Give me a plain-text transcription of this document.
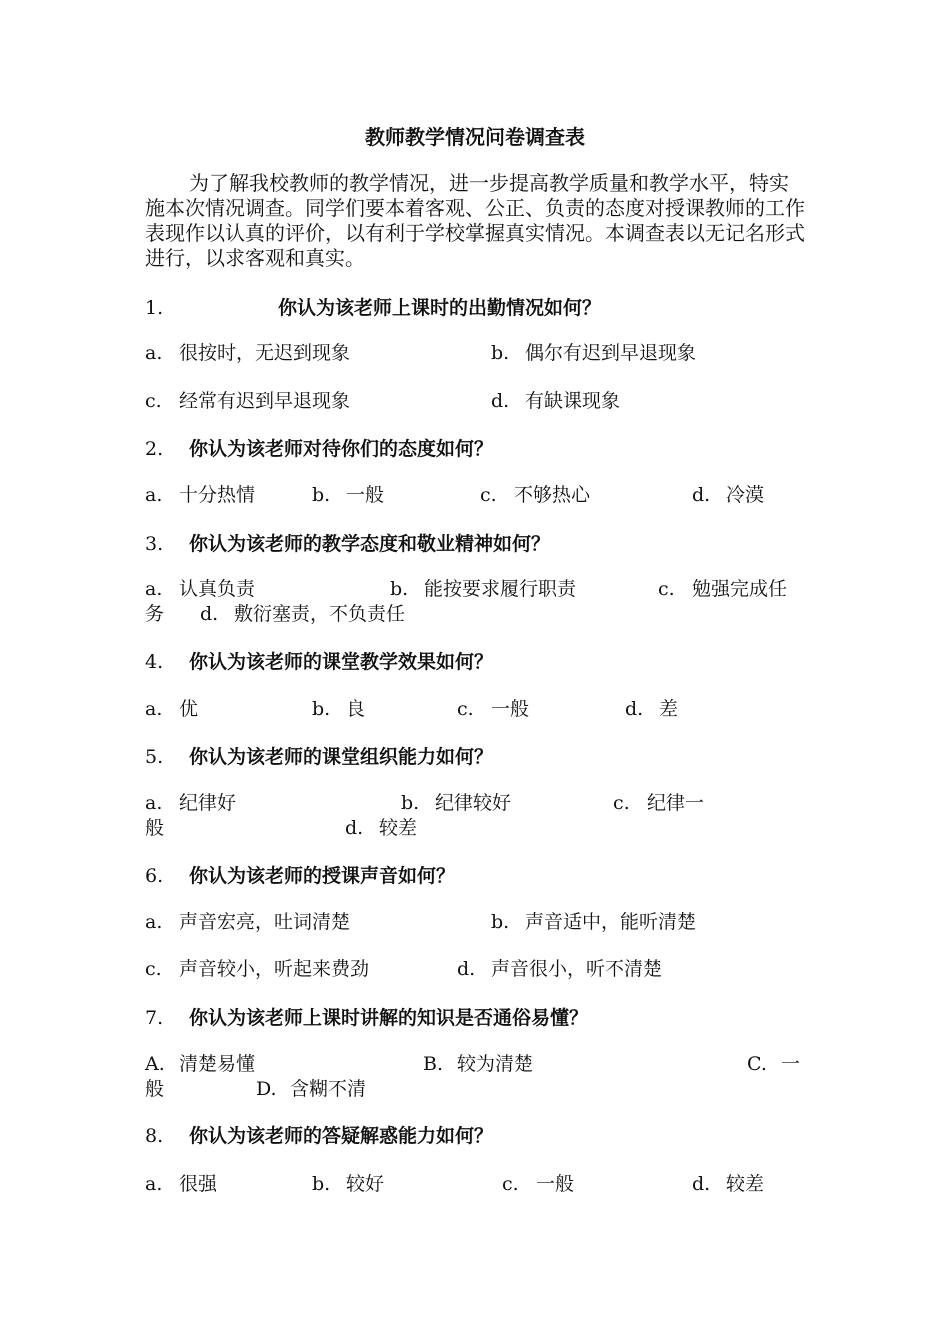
教师教学情况问卷调查表
为了解我校教师的教学情况，进一步提高教学质量和教学水平，特实施本次情况调查。同学们要本着客观、公正、负责的态度对授课教师的工作表现作以认真的评价，以有利于学校掌握真实情况。本调查表以无记名形式进行，以求客观和真实。
1.	你认为该老师上课时的出勤情况如何？
a. 很按时，无迟到现象	b. 偶尔有迟到早退现象
c. 经常有迟到早退现象	d. 有缺课现象
2. 你认为该老师对待你们的态度如何？
a. 十分热情	b. 一般	c. 不够热心	d. 冷漠
3. 你认为该老师的教学态度和敬业精神如何？
a. 认真负责	b. 能按要求履行职责	c. 勉强完成任
务 d. 敷衍塞责，不负责任
4. 你认为该老师的课堂教学效果如何？
a. 优	b. 良	c. 一般	d. 差
5. 你认为该老师的课堂组织能力如何？
a. 纪律好	b. 纪律较好	c. 纪律一
般	d. 较差
6. 你认为该老师的授课声音如何？
a. 声音宏亮，吐词清楚	b. 声音适中，能听清楚
c. 声音较小，听起来费劲	d. 声音很小，听不清楚
7. 你认为该老师上课时讲解的知识是否通俗易懂？
A. 清楚易懂	B. 较为清楚	C. 一
般	D. 含糊不清
8. 你认为该老师的答疑解惑能力如何？
a. 很强	b. 较好	c. 一般	d. 较差
